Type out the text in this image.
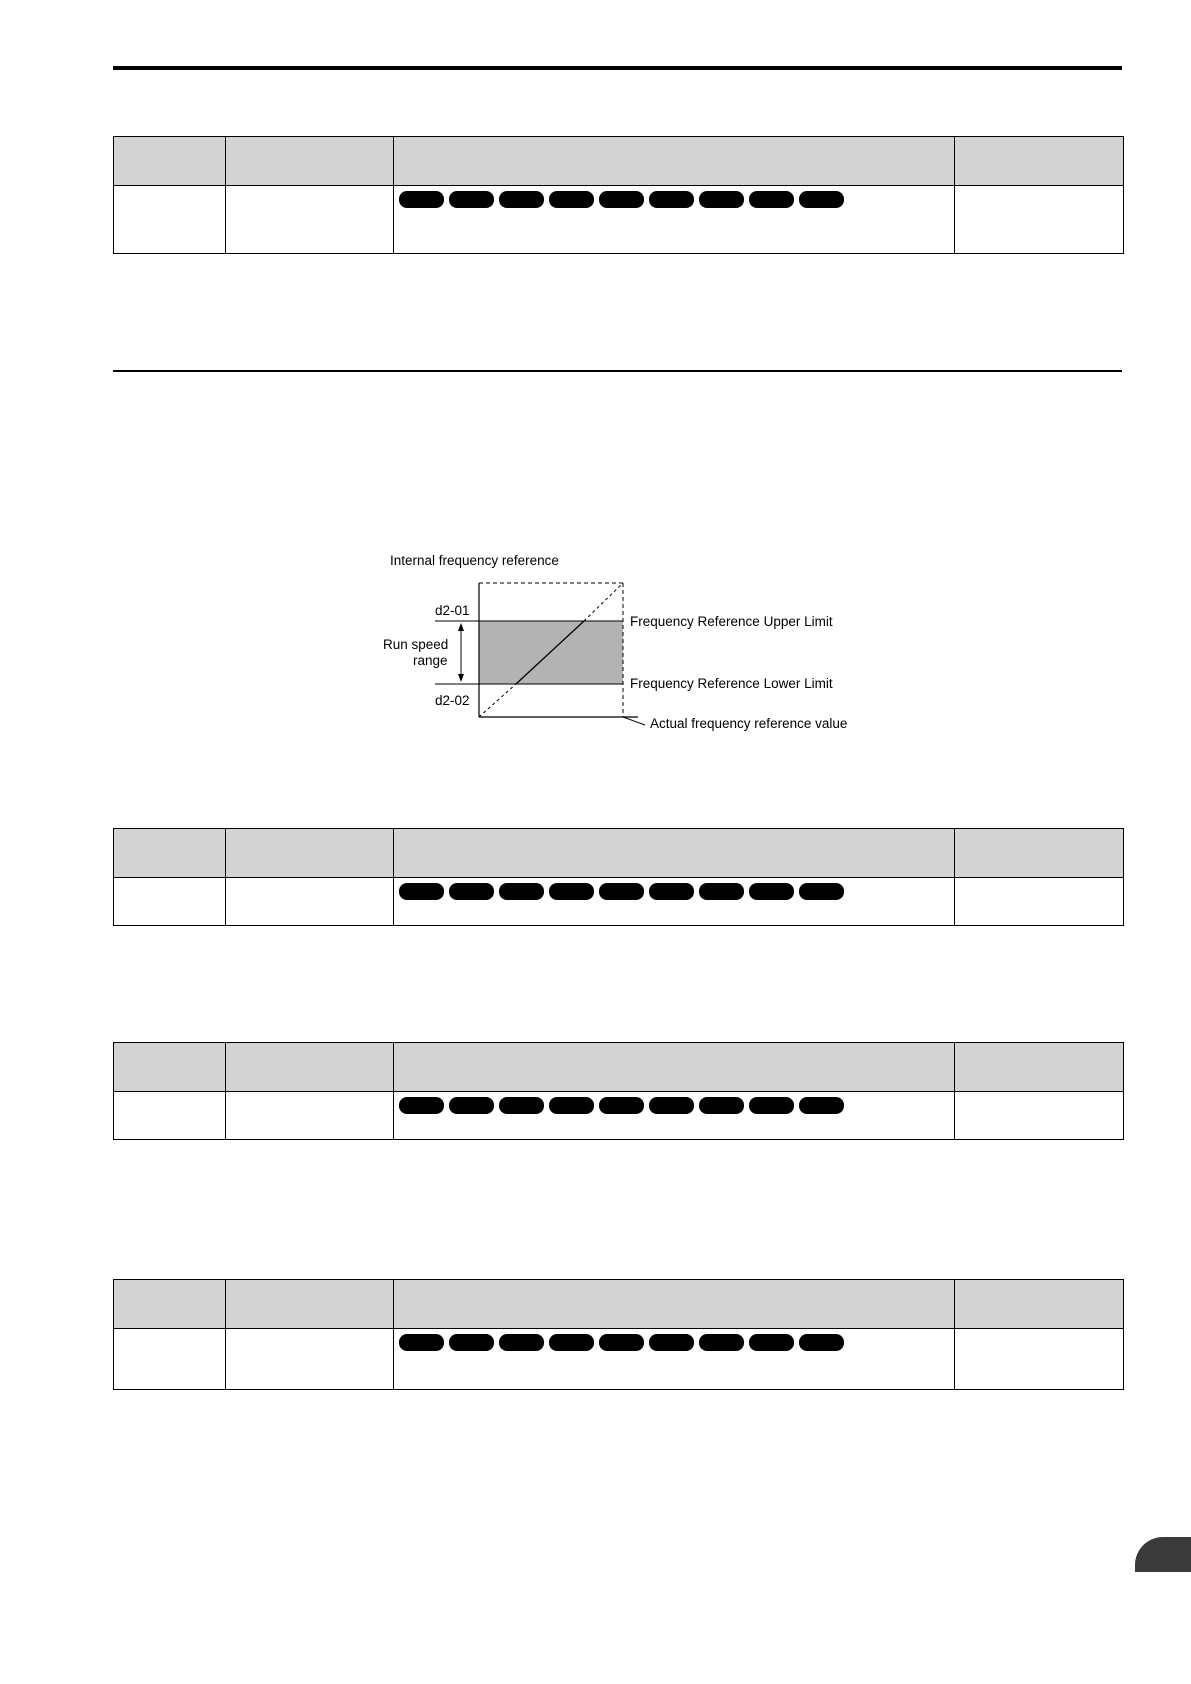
Internal frequency reference
d2-01
Run speed
range
d2-02
Frequency Reference Upper Limit
Frequency Reference Lower Limit
Actual frequency reference value
